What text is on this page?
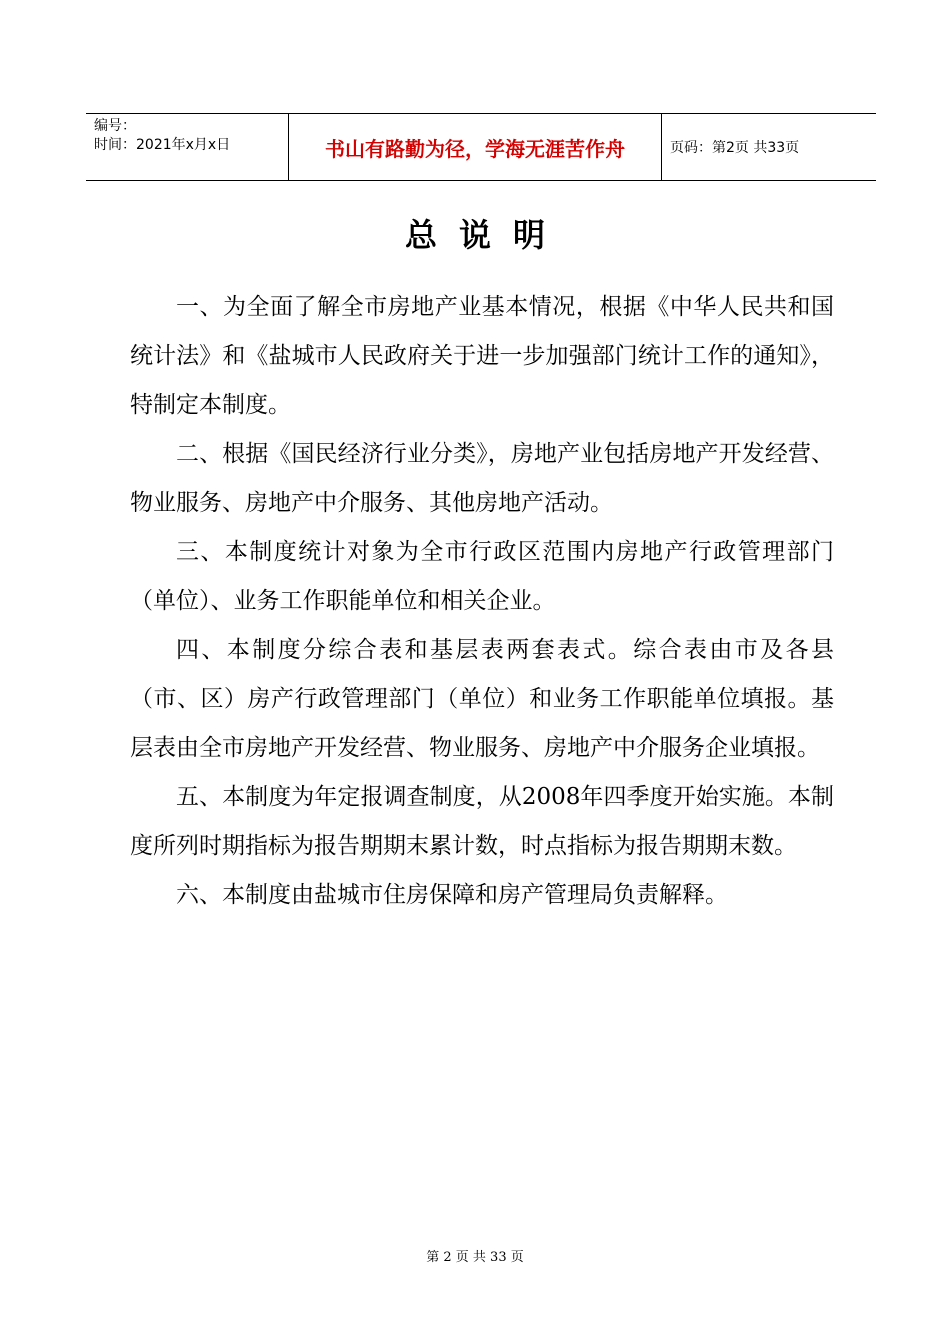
编号：
时间：2021年x月x日	书山有路勤为径，学海无涯苦作舟	页码：第2页 共33页
总说明

一、为全面了解全市房地产业基本情况，根据《中华人民共和国统计法》和《盐城市人民政府关于进一步加强部门统计工作的通知》，特制定本制度。

二、根据《国民经济行业分类》，房地产业包括房地产开发经营、物业服务、房地产中介服务、其他房地产活动。

三、本制度统计对象为全市行政区范围内房地产行政管理部门（单位）、业务工作职能单位和相关企业。

四、本制度分综合表和基层表两套表式。综合表由市及各县（市、区）房产行政管理部门（单位）和业务工作职能单位填报。基层表由全市房地产开发经营、物业服务、房地产中介服务企业填报。

五、本制度为年定报调查制度，从2008年四季度开始实施。本制度所列时期指标为报告期期末累计数，时点指标为报告期期末数。

六、本制度由盐城市住房保障和房产管理局负责解释。

第 2 页 共 33 页
